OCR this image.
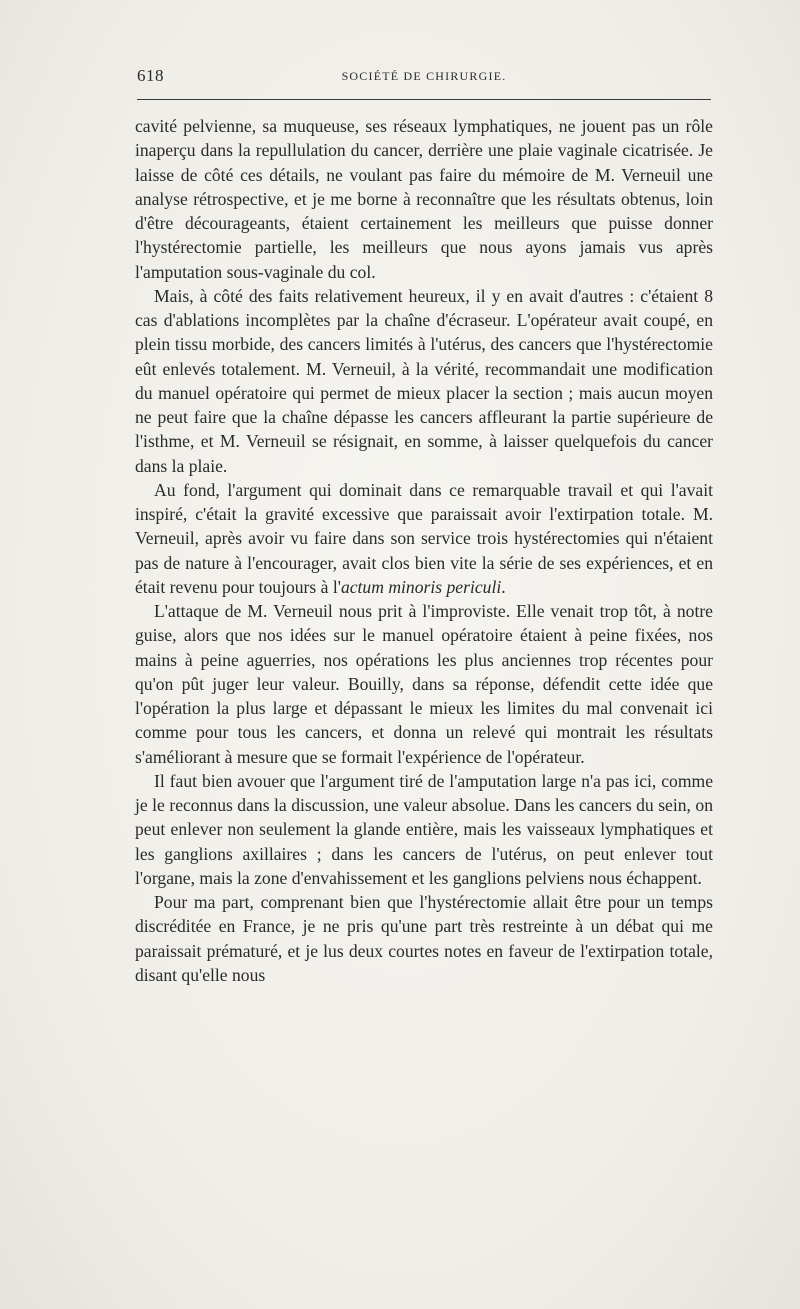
618	SOCIÉTÉ DE CHIRURGIE.

cavité pelvienne, sa muqueuse, ses réseaux lymphatiques, ne jouent pas un rôle inaperçu dans la repullulation du cancer, derrière une plaie vaginale cicatrisée. Je laisse de côté ces détails, ne voulant pas faire du mémoire de M. Verneuil une analyse rétrospective, et je me borne à reconnaître que les résultats obtenus, loin d'être décourageants, étaient certainement les meilleurs que puisse donner l'hystérectomie partielle, les meilleurs que nous ayons jamais vus après l'amputation sous-vaginale du col.

Mais, à côté des faits relativement heureux, il y en avait d'autres : c'étaient 8 cas d'ablations incomplètes par la chaîne d'écraseur. L'opérateur avait coupé, en plein tissu morbide, des cancers limités à l'utérus, des cancers que l'hystérectomie eût enlevés totalement. M. Verneuil, à la vérité, recommandait une modification du manuel opératoire qui permet de mieux placer la section ; mais aucun moyen ne peut faire que la chaîne dépasse les cancers affleurant la partie supérieure de l'isthme, et M. Verneuil se résignait, en somme, à laisser quelquefois du cancer dans la plaie.

Au fond, l'argument qui dominait dans ce remarquable travail et qui l'avait inspiré, c'était la gravité excessive que paraissait avoir l'extirpation totale. M. Verneuil, après avoir vu faire dans son service trois hystérectomies qui n'étaient pas de nature à l'encourager, avait clos bien vite la série de ses expériences, et en était revenu pour toujours à l'actum minoris periculi.

L'attaque de M. Verneuil nous prit à l'improviste. Elle venait trop tôt, à notre guise, alors que nos idées sur le manuel opératoire étaient à peine fixées, nos mains à peine aguerries, nos opérations les plus anciennes trop récentes pour qu'on pût juger leur valeur. Bouilly, dans sa réponse, défendit cette idée que l'opération la plus large et dépassant le mieux les limites du mal convenait ici comme pour tous les cancers, et donna un relevé qui montrait les résultats s'améliorant à mesure que se formait l'expérience de l'opérateur.

Il faut bien avouer que l'argument tiré de l'amputation large n'a pas ici, comme je le reconnus dans la discussion, une valeur absolue. Dans les cancers du sein, on peut enlever non seulement la glande entière, mais les vaisseaux lymphatiques et les ganglions axillaires ; dans les cancers de l'utérus, on peut enlever tout l'organe, mais la zone d'envahissement et les ganglions pelviens nous échappent.

Pour ma part, comprenant bien que l'hystérectomie allait être pour un temps discréditée en France, je ne pris qu'une part très restreinte à un débat qui me paraissait prématuré, et je lus deux courtes notes en faveur de l'extirpation totale, disant qu'elle nous
